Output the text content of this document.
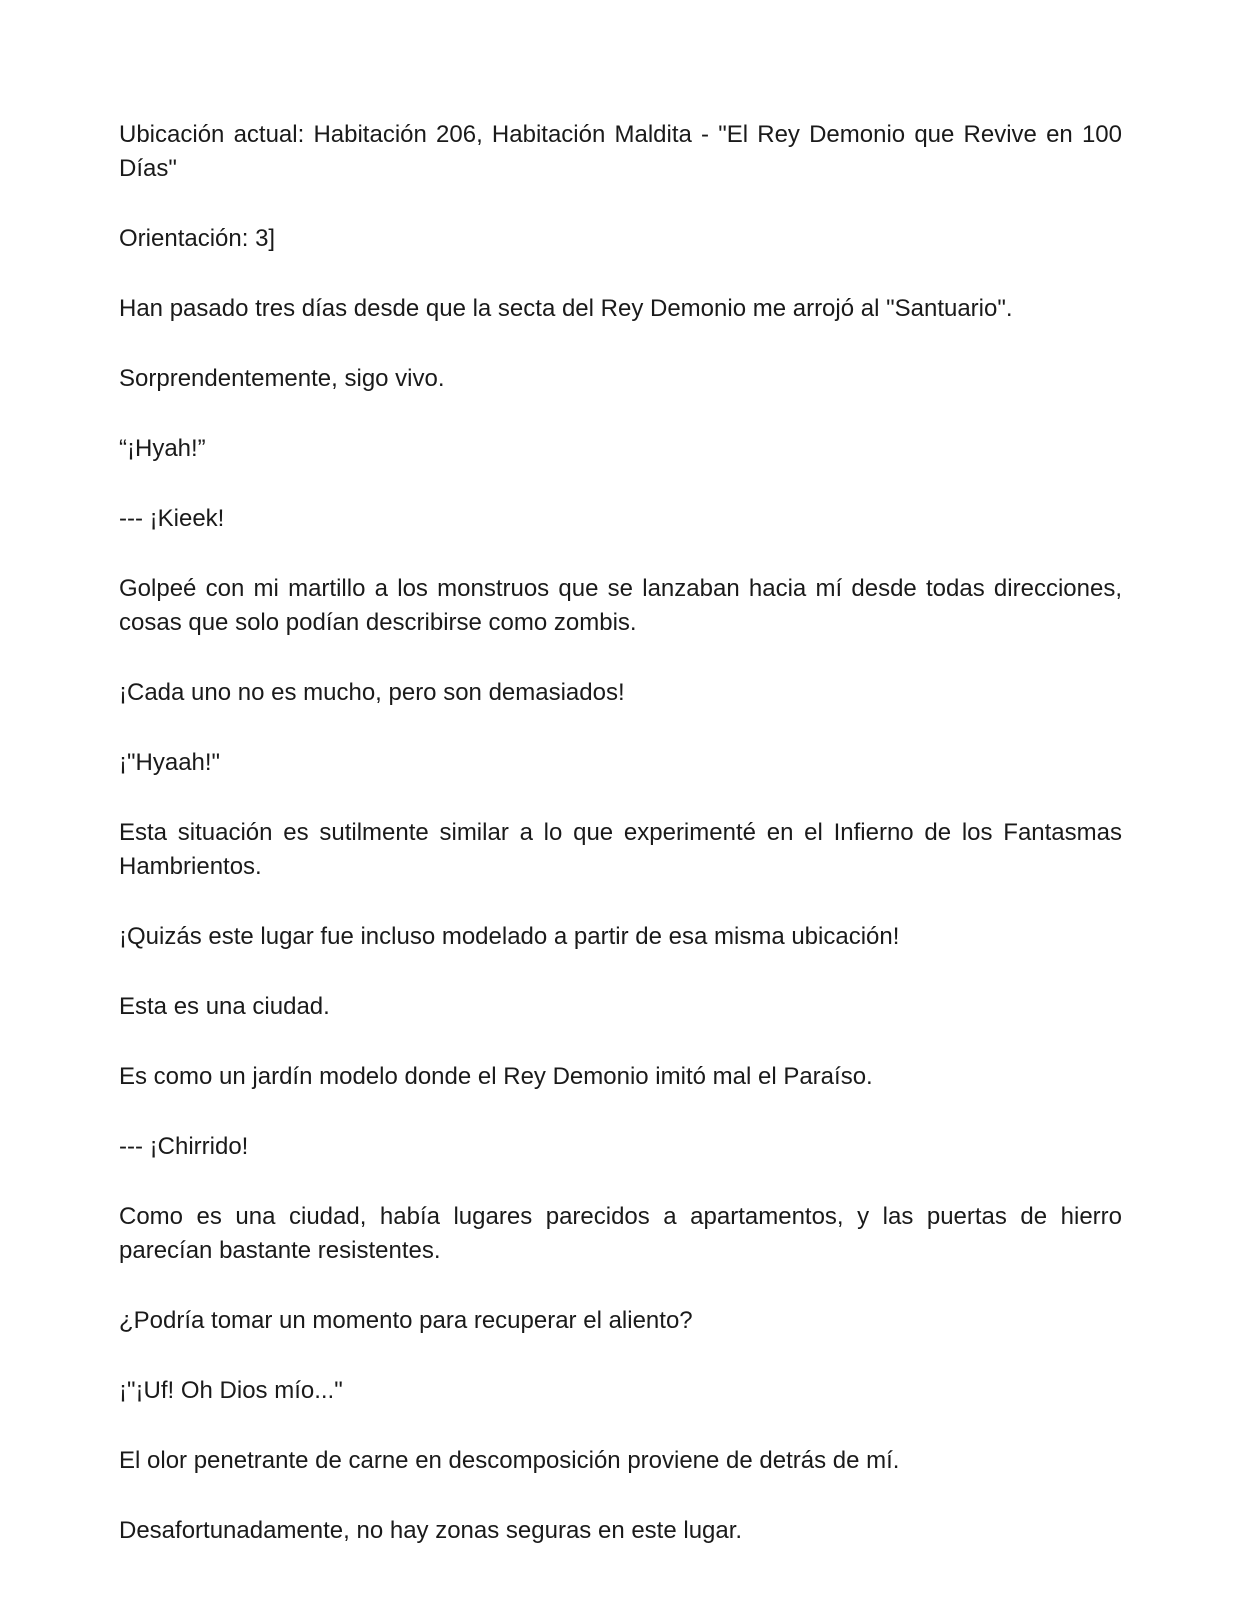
Ubicación actual: Habitación 206, Habitación Maldita - "El Rey Demonio que Revive en 100 Días"

Orientación: 3]

Han pasado tres días desde que la secta del Rey Demonio me arrojó al "Santuario".

Sorprendentemente, sigo vivo.

“¡Hyah!”

--- ¡Kieek!

Golpeé con mi martillo a los monstruos que se lanzaban hacia mí desde todas direcciones, cosas que solo podían describirse como zombis.

¡Cada uno no es mucho, pero son demasiados!

¡"Hyaah!"

Esta situación es sutilmente similar a lo que experimenté en el Infierno de los Fantasmas Hambrientos.

¡Quizás este lugar fue incluso modelado a partir de esa misma ubicación!

Esta es una ciudad.

Es como un jardín modelo donde el Rey Demonio imitó mal el Paraíso.

--- ¡Chirrido!

Como es una ciudad, había lugares parecidos a apartamentos, y las puertas de hierro parecían bastante resistentes.

¿Podría tomar un momento para recuperar el aliento?

¡"¡Uf! Oh Dios mío..."

El olor penetrante de carne en descomposición proviene de detrás de mí.

Desafortunadamente, no hay zonas seguras en este lugar.
